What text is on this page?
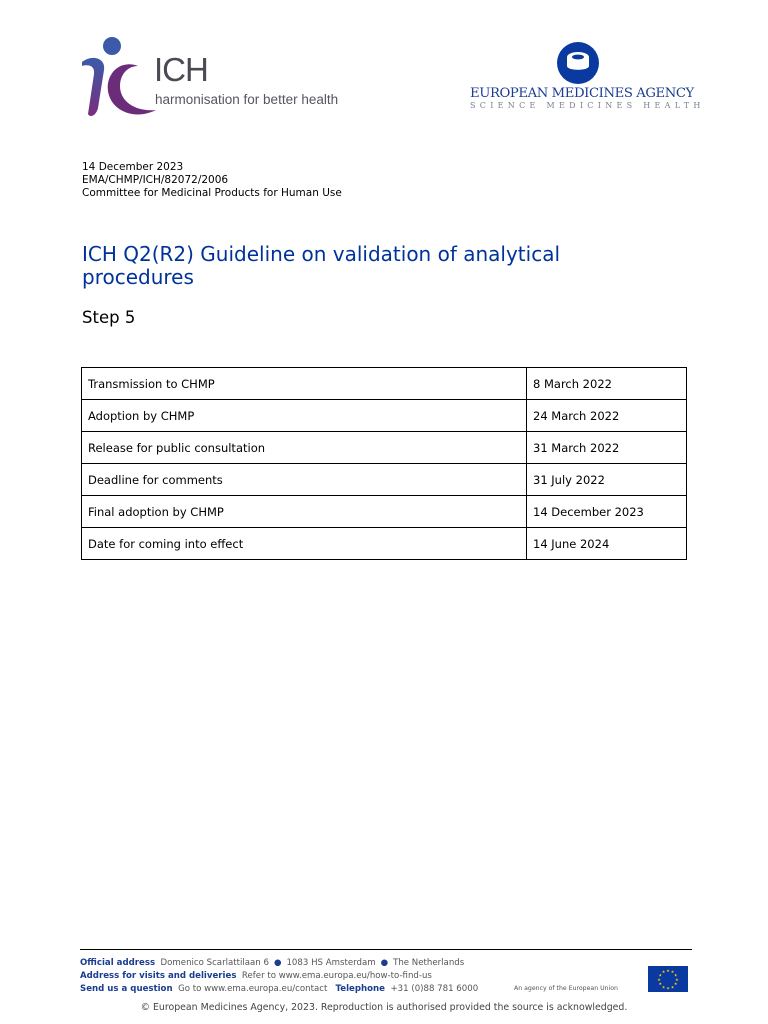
ICH
harmonisation for better health	EUROPEAN MEDICINES AGENCY
SCIENCE MEDICINES HEALTH
14 December 2023
EMA/CHMP/ICH/82072/2006
Committee for Medicinal Products for Human Use
ICH Q2(R2) Guideline on validation of analytical procedures
Step 5
Transmission to CHMP	8 March 2022
Adoption by CHMP	24 March 2022
Release for public consultation	31 March 2022
Deadline for comments	31 July 2022
Final adoption by CHMP	14 December 2023
Date for coming into effect	14 June 2024
Official address Domenico Scarlattilaan 6 ● 1083 HS Amsterdam ● The Netherlands
Address for visits and deliveries Refer to www.ema.europa.eu/how-to-find-us
Send us a question Go to www.ema.europa.eu/contact Telephone +31 (0)88 781 6000	An agency of the European Union
★ ★
★
★
★
★
★
★
★
★
★
★
© European Medicines Agency, 2023. Reproduction is authorised provided the source is acknowledged.
